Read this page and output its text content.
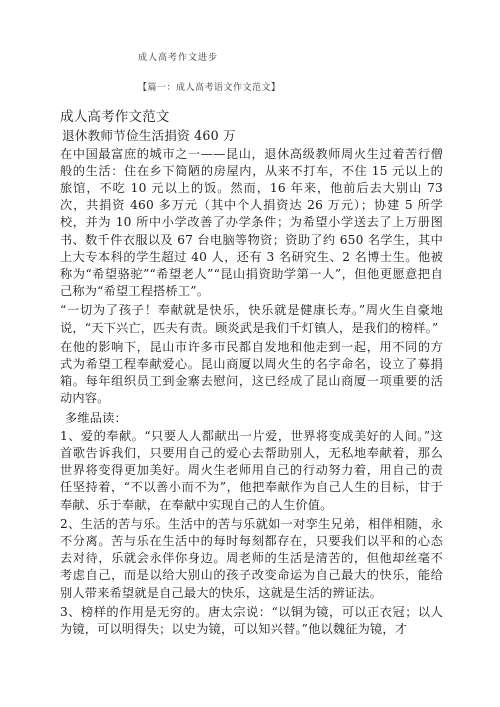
成人高考作文进步
【篇一：成人高考语文作文范文】
成人高考作文范文
退休教师节俭生活捐资 460 万
在中国最富庶的城市之一——昆山，退休高级教师周火生过着苦行僧般的生活：住在乡下简陋的房屋内，从来不打车，不住 15 元以上的旅馆，不吃 10 元以上的饭。然而，16 年来，他前后去大别山 73 次，共捐资 460 多万元（其中个人捐资达 26 万元）；协建 5 所学校，并为 10 所中小学改善了办学条件；为希望小学送去了上万册图书、数千件衣服以及 67 台电脑等物资；资助了约 650 名学生，其中上大专本科的学生超过 40 人，还有 3 名研究生、2 名博士生。他被称为“希望骆驼”“希望老人”“昆山捐资助学第一人”，但他更愿意把自己称为“希望工程搭桥工”。
“一切为了孩子！奉献就是快乐，快乐就是健康长寿。”周火生自豪地说，“天下兴亡，匹夫有责。顾炎武是我们千灯镇人，是我们的榜样。”
在他的影响下，昆山市许多市民都自发地和他走到一起，用不同的方式为希望工程奉献爱心。昆山商厦以周火生的名字命名，设立了募捐箱。每年组织员工到金寨去慰问，这已经成了昆山商厦一项重要的活动内容。
多维品读：
1、爱的奉献。“只要人人都献出一片爱，世界将变成美好的人间。”这首歌告诉我们，只要用自己的爱心去帮助别人，无私地奉献着，那么世界将变得更加美好。周火生老师用自己的行动努力着，用自己的责任坚持着，“不以善小而不为”，他把奉献作为自己人生的目标，甘于奉献、乐于奉献，在奉献中实现自己的人生价值。
2、生活的苦与乐。生活中的苦与乐就如一对孪生兄弟，相伴相随，永不分离。苦与乐在生活中的每时每刻都存在，只要我们以平和的心态去对待，乐就会永伴你身边。周老师的生活是清苦的，但他却丝毫不考虑自己，而是以给大别山的孩子改变命运为自己最大的快乐，能给别人带来希望就是自己最大的快乐，这就是生活的辨证法。
3、榜样的作用是无穷的。唐太宗说：“以铜为镜，可以正衣冠；以人为镜，可以明得失；以史为镜，可以知兴替。”他以魏征为镜，才
